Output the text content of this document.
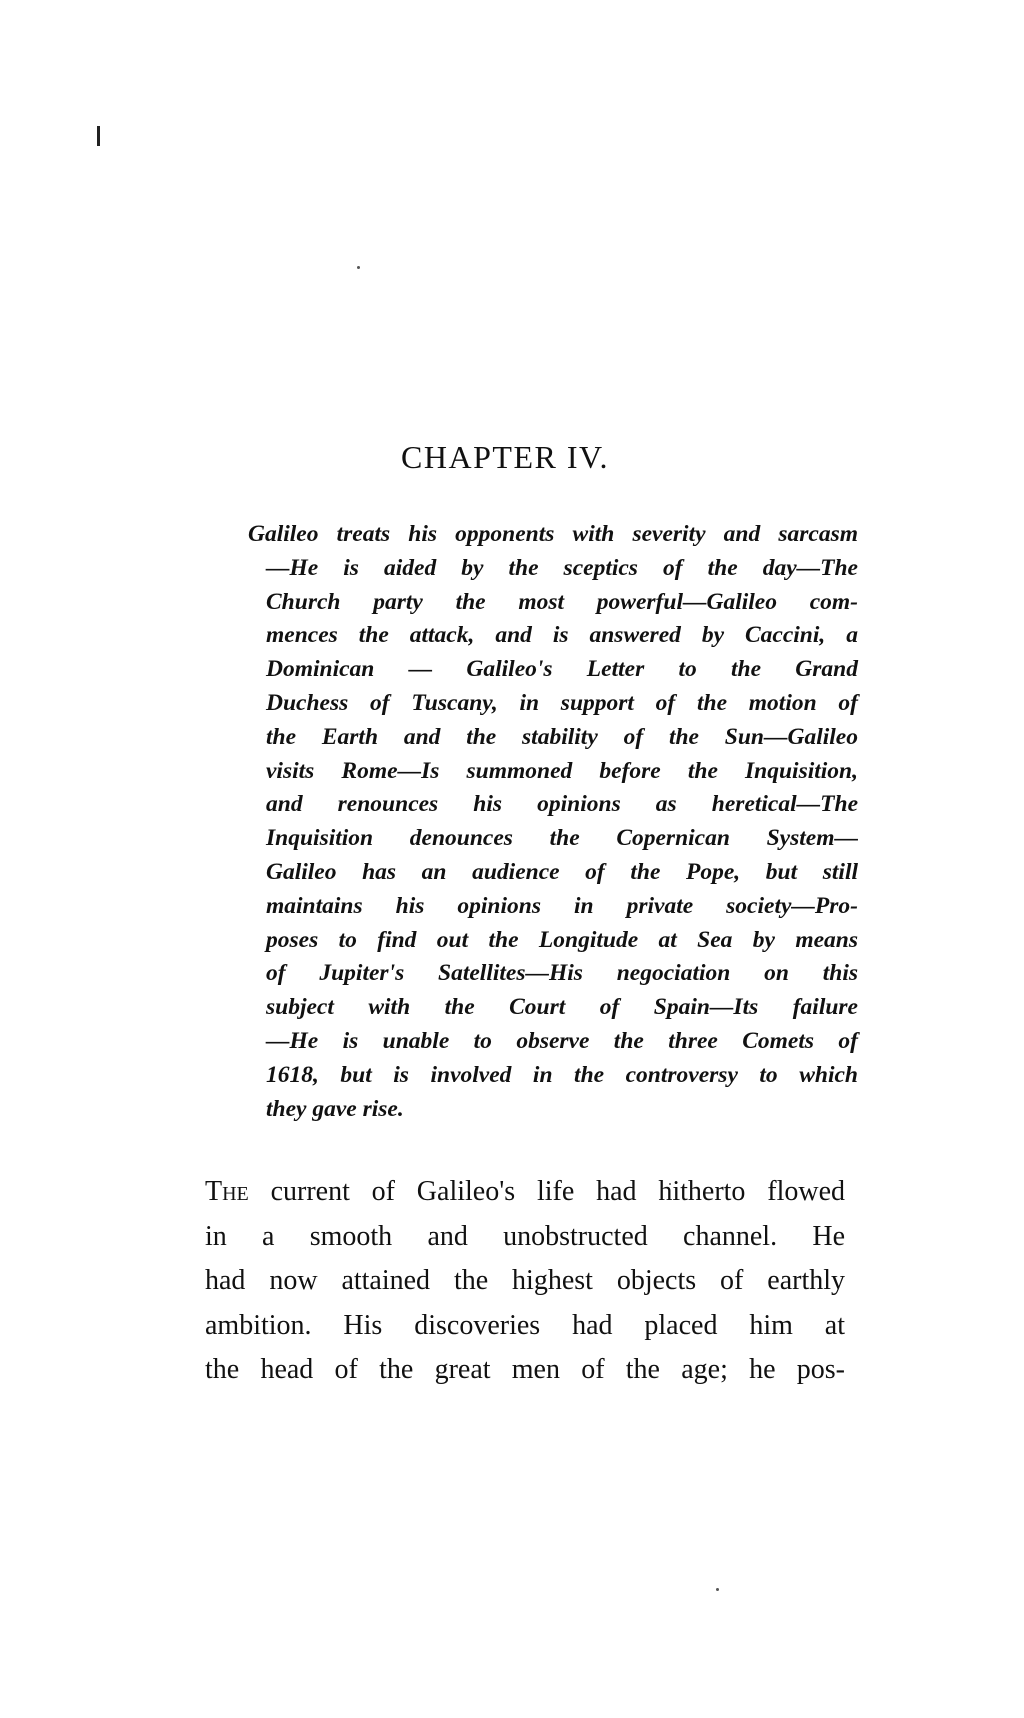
CHAPTER IV.
Galileo treats his opponents with severity and sarcasm
—He is aided by the sceptics of the day—The
Church party the most powerful—Galileo com-
mences the attack, and is answered by Caccini, a
Dominican — Galileo's Letter to the Grand
Duchess of Tuscany, in support of the motion of
the Earth and the stability of the Sun—Galileo
visits Rome—Is summoned before the Inquisition,
and renounces his opinions as heretical—The
Inquisition denounces the Copernican System—
Galileo has an audience of the Pope, but still
maintains his opinions in private society—Pro-
poses to find out the Longitude at Sea by means
of Jupiter's Satellites—His negociation on this
subject with the Court of Spain—Its failure
—He is unable to observe the three Comets of
1618, but is involved in the controversy to which
they gave rise.
The current of Galileo's life had hitherto flowed
in a smooth and unobstructed channel. He
had now attained the highest objects of earthly
ambition. His discoveries had placed him at
the head of the great men of the age; he pos-
